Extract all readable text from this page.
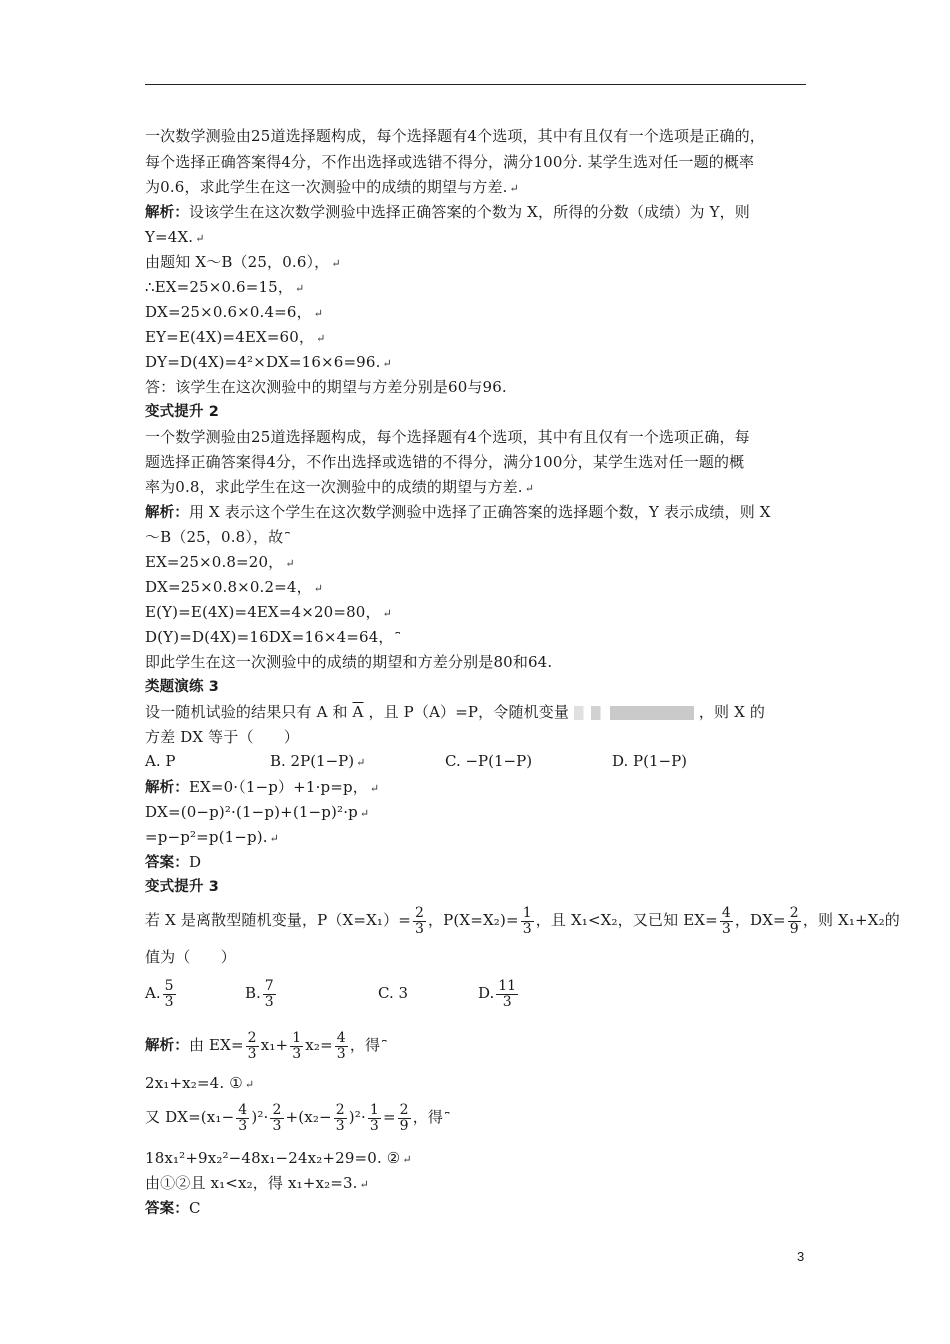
一次数学测验由25道选择题构成，每个选择题有4个选项，其中有且仅有一个选项是正确的，
每个选择正确答案得4分，不作出选择或选错不得分，满分100分. 某学生选对任一题的概率
为0.6，求此学生在这一次测验中的成绩的期望与方差. ↵
解析：设该学生在这次数学测验中选择正确答案的个数为 X，所得的分数（成绩）为 Y，则
Y=4X. ↵
由题知 X～B（25，0.6）， ↵
∴EX=25×0.6=15， ↵
DX=25×0.6×0.4=6， ↵
EY=E(4X)=4EX=60， ↵
DY=D(4X)=4²×DX=16×6=96. ↵
答：该学生在这次测验中的期望与方差分别是60与96.
变式提升 2
一个数学测验由25道选择题构成，每个选择题有4个选项，其中有且仅有一个选项正确，每
题选择正确答案得4分，不作出选择或选错的不得分，满分100分，某学生选对任一题的概
率为0.8，求此学生在这一次测验中的成绩的期望与方差. ↵
解析：用 X 表示这个学生在这次数学测验中选择了正确答案的选择题个数，Y 表示成绩，则 X
～B（25，0.8），故 ⎴
EX=25×0.8=20， ↵
DX=25×0.8×0.2=4， ↵
E(Y)=E(4X)=4EX=4×20=80， ↵
D(Y)=D(4X)=16DX=16×4=64， ⎴
即此学生在这一次测验中的成绩的期望和方差分别是80和64.
类题演练 3
设一随机试验的结果只有 A 和 $\overline{A}$ ，且 P（A）=P，令随机变量	，则 X 的
方差 DX 等于（　　）
A. P	B. 2P(1−P) ↵	C. −P(1−P)	D. P(1−P)
解析：EX=0·（1−p）+1·p=p， ↵
DX=(0−p)²·(1−p)+(1−p)²·p ↵
=p−p²=p(1−p). ↵
答案：D
变式提升 3
若 X 是离散型随机变量，$P(X=X_1)= \frac{2}{3}$ ，$P(X=X_2)= \frac{1}{3}$ ，且 X₁<X₂，又已知 $EX= \frac{4}{3}$ ，$DX= \frac{2}{9}$ ，则 X₁+X₂的
值为（　　）
A. $\frac{5}{3}$	B. $\frac{7}{3}$	C. 3	D. $\frac{11}{3}$
解析：由 $EX= \frac{2}{3} x_1+ \frac{1}{3} x_2= \frac{4}{3}$ ，得 ⎴
2x₁+x₂=4. ① ↵
又 $DX=(x_1- \frac{4}{3} )^2\cdot \frac{2}{3} +(x_2- \frac{2}{3} )^2\cdot \frac{1}{3} = \frac{2}{9}$ ，得 ⎴
18x₁²+9x₂²−48x₁−24x₂+29=0. ② ↵
由①②且 x₁<x₂，得 x₁+x₂=3. ↵
答案：C
3
